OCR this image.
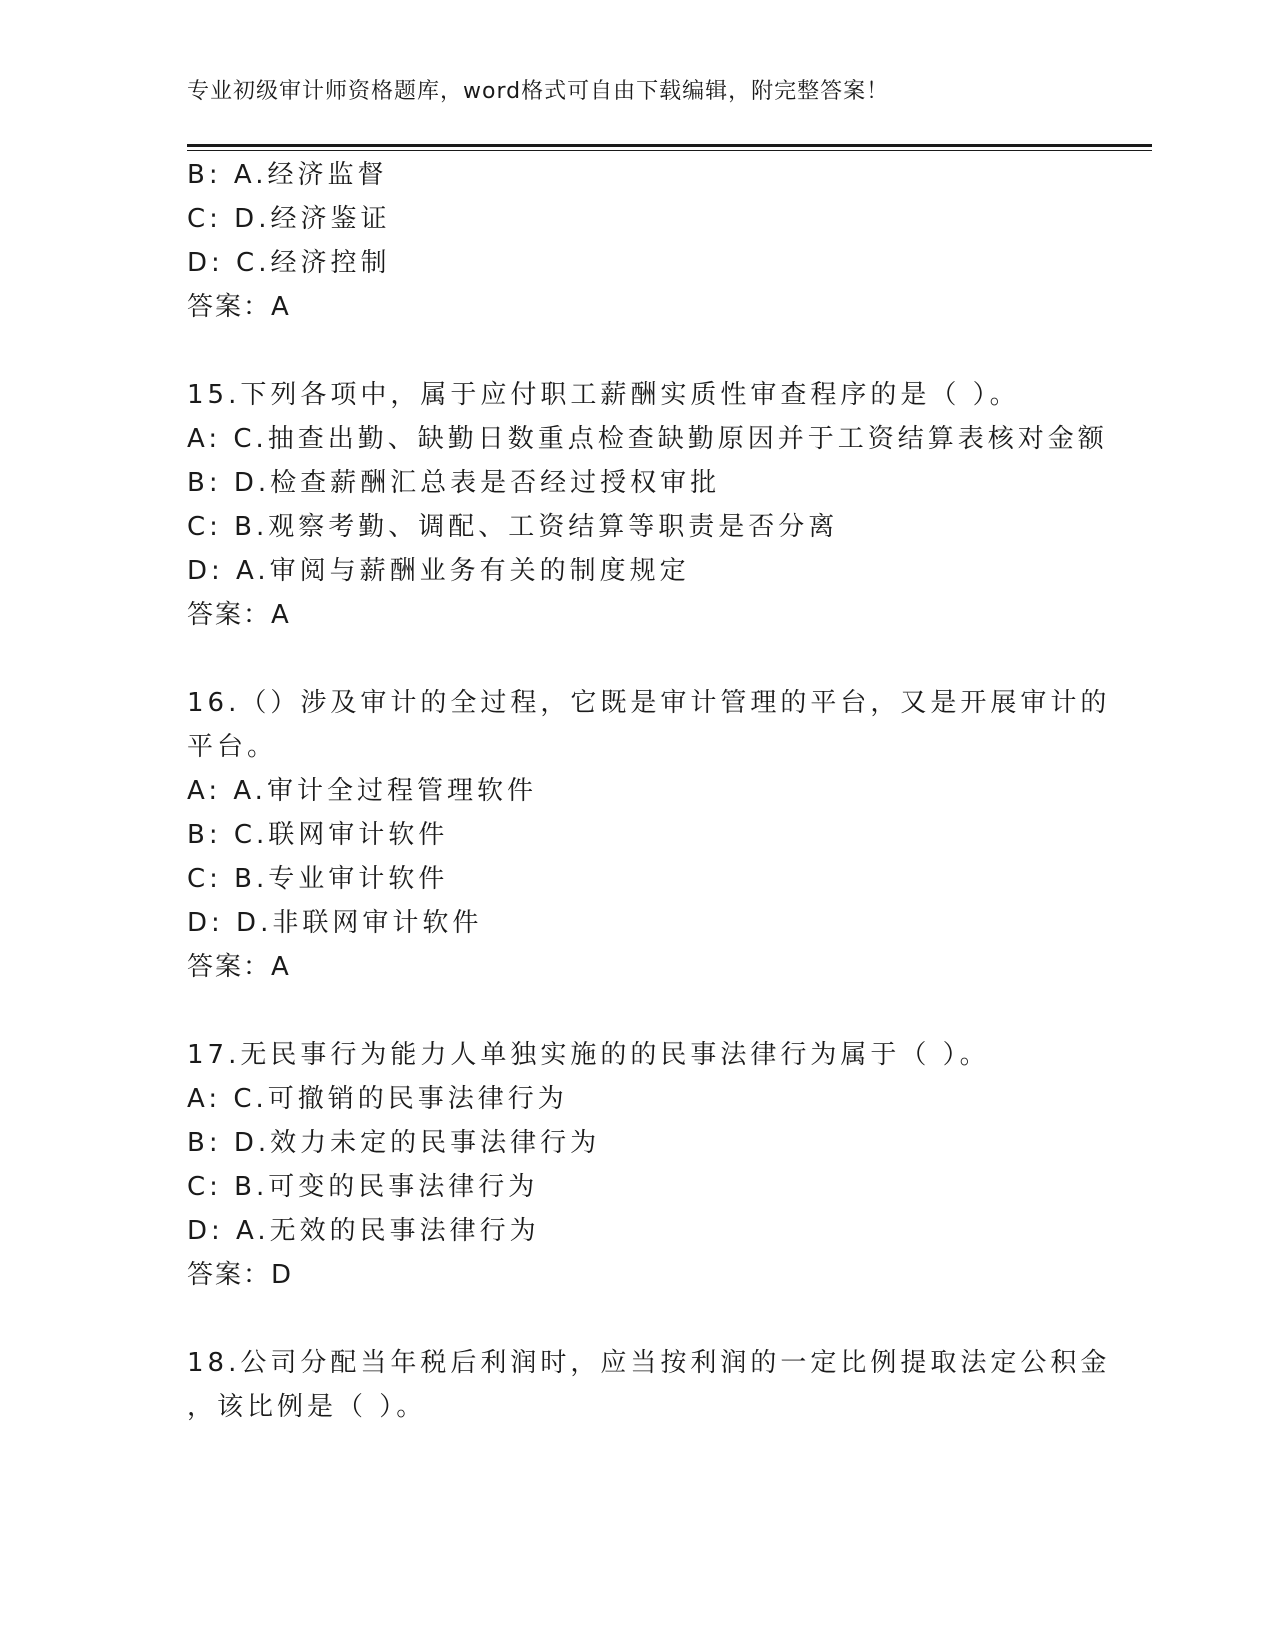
专业初级审计师资格题库，word格式可自由下载编辑，附完整答案！
B: A.经济监督
C: D.经济鉴证
D: C.经济控制
答案：A
15.下列各项中，属于应付职工薪酬实质性审查程序的是（ ）。
A: C.抽查出勤、缺勤日数重点检查缺勤原因并于工资结算表核对金额
B: D.检查薪酬汇总表是否经过授权审批
C: B.观察考勤、调配、工资结算等职责是否分离
D: A.审阅与薪酬业务有关的制度规定
答案：A
16.（）涉及审计的全过程，它既是审计管理的平台，又是开展审计的
平台。
A: A.审计全过程管理软件
B: C.联网审计软件
C: B.专业审计软件
D: D.非联网审计软件
答案：A
17.无民事行为能力人单独实施的的民事法律行为属于（ ）。
A: C.可撤销的民事法律行为
B: D.效力未定的民事法律行为
C: B.可变的民事法律行为
D: A.无效的民事法律行为
答案：D
18.公司分配当年税后利润时，应当按利润的一定比例提取法定公积金
，该比例是（ ）。
